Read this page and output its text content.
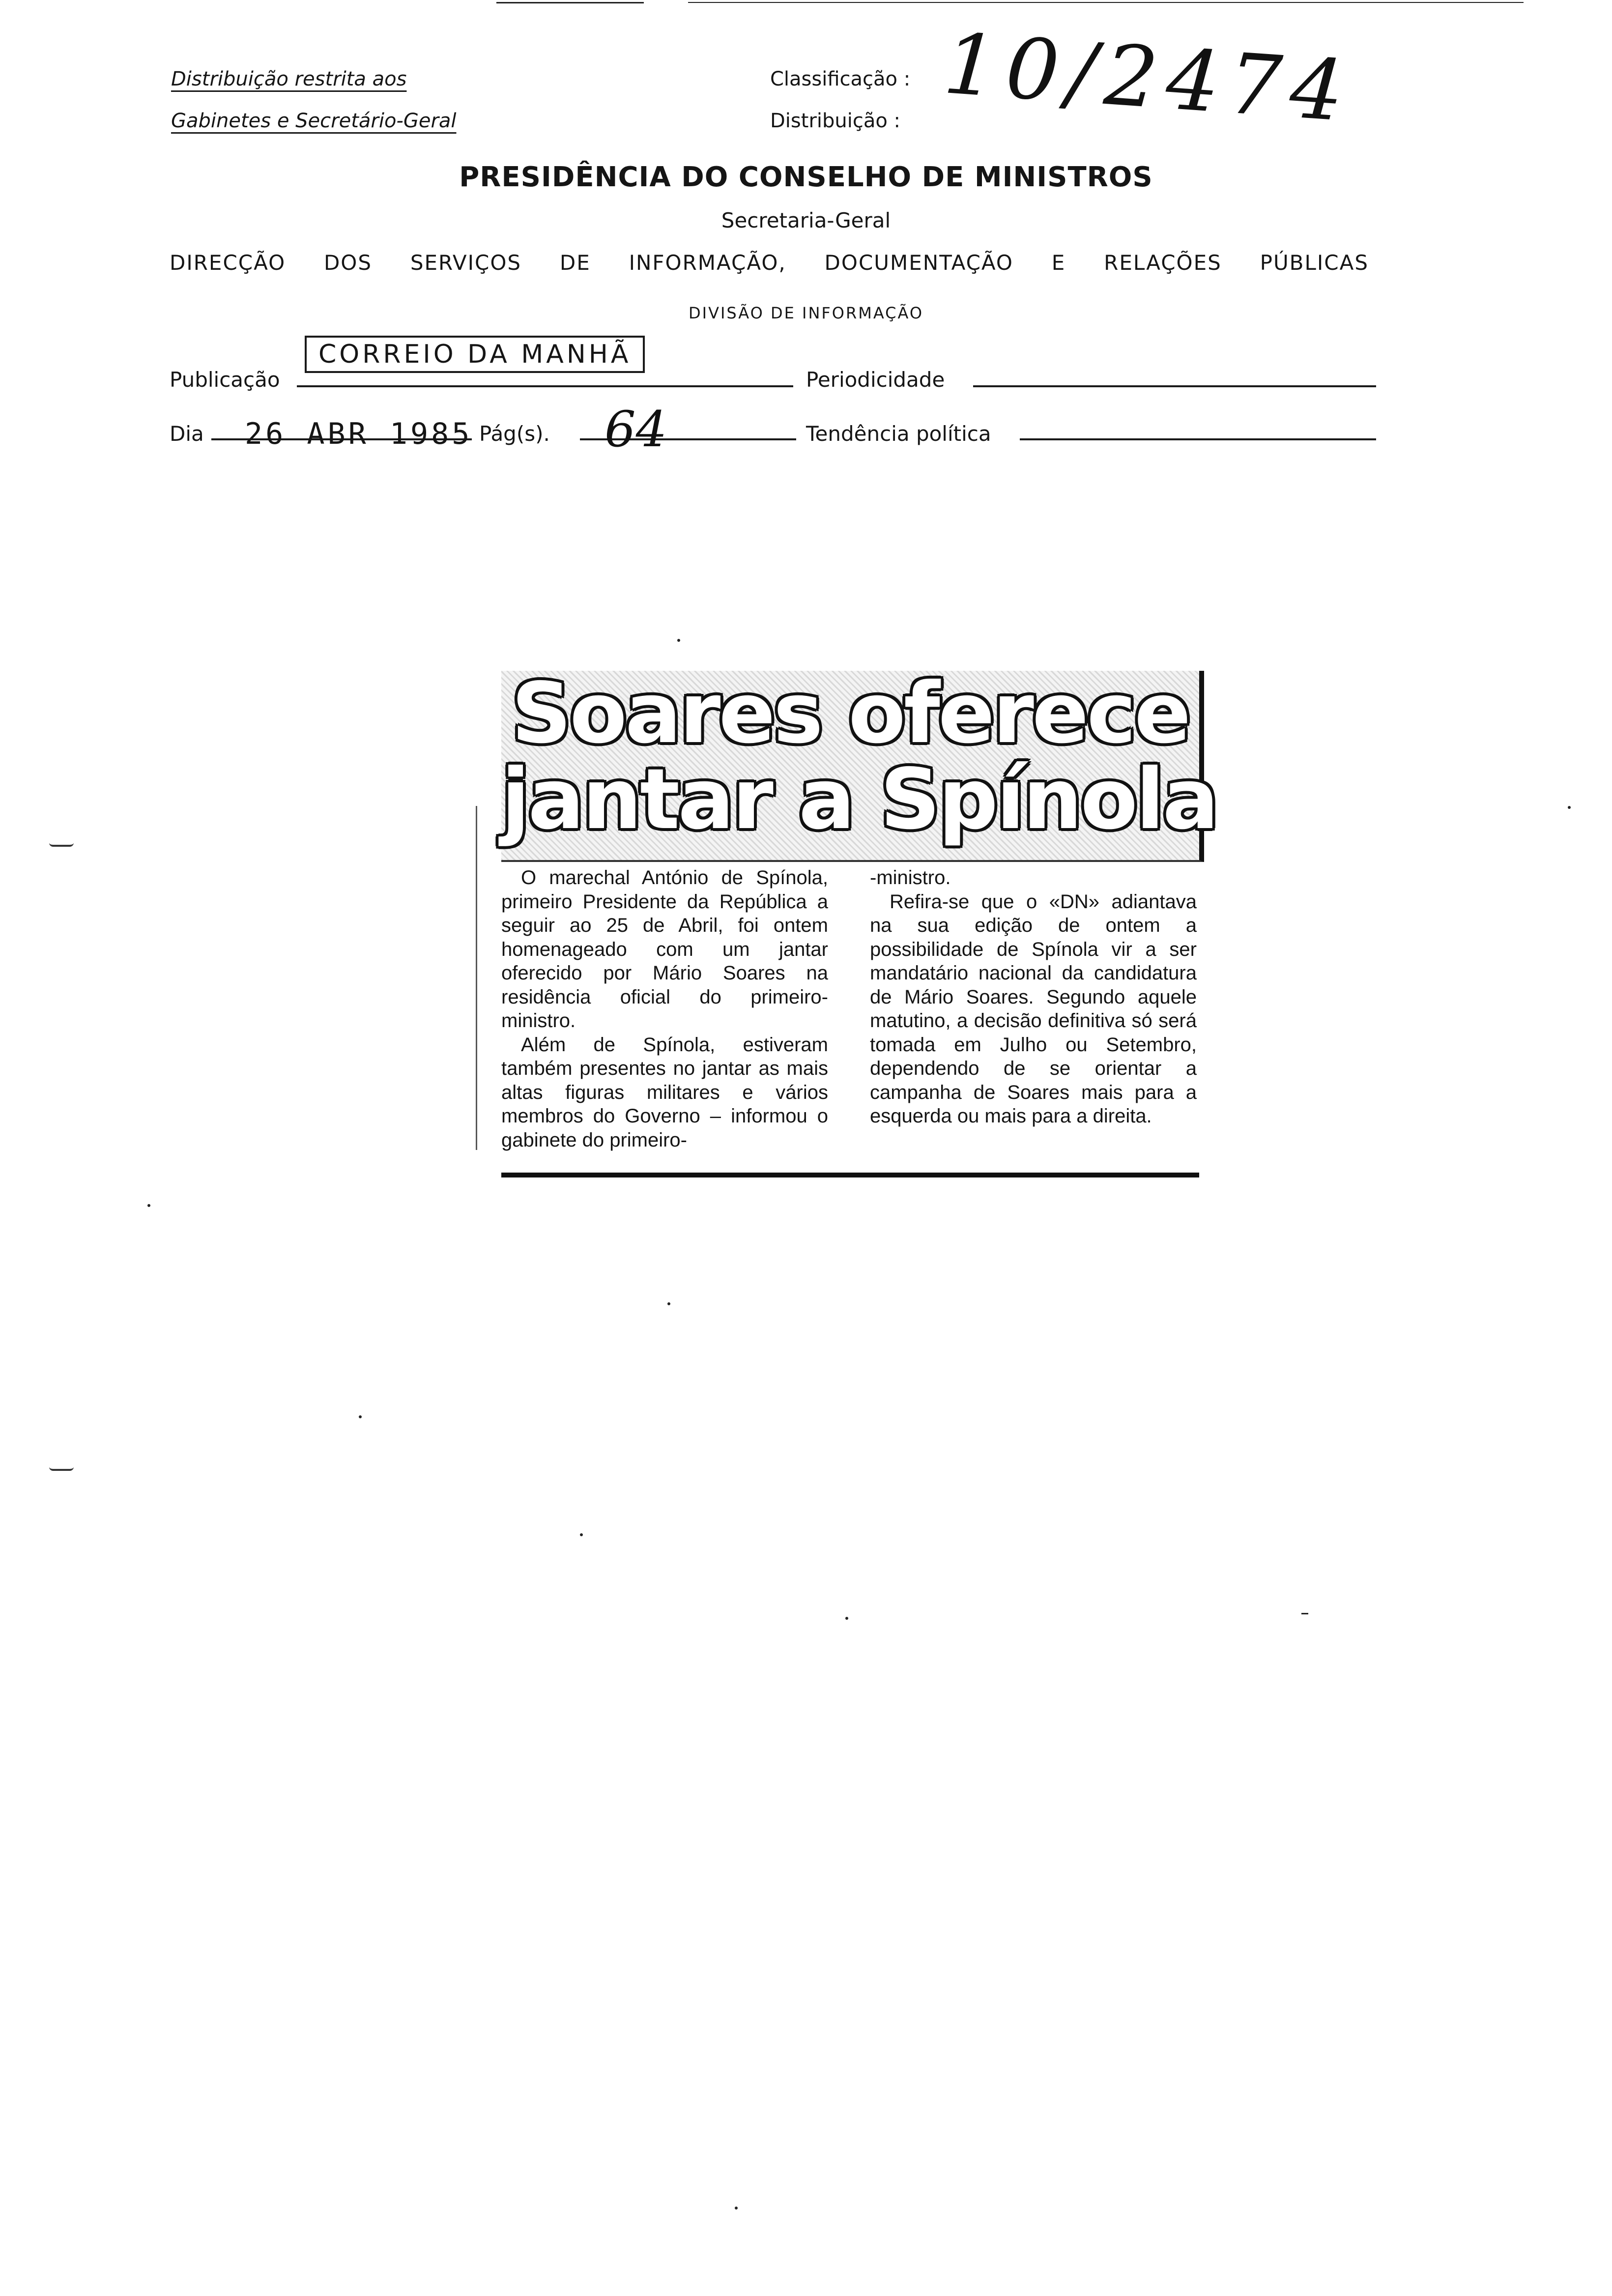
Distribuição restrita aos
Gabinetes e Secretário-Geral
Classificação :
Distribuição : 10/2474
PRESIDÊNCIA DO CONSELHO DE MINISTROS
Secretaria-Geral
DIRECÇÃO DOS SERVIÇOS DE INFORMAÇÃO, DOCUMENTAÇÃO E RELAÇÕES PÚBLICAS
DIVISÃO DE INFORMAÇÃO
Publicação
CORREIO DA MANHÃ
Periodicidade
Dia 26 ABR 1985 Pág(s). 64	Tendência política
Soares oferece
jantar a Spínola

O marechal António de Spínola, primeiro Presidente da República a seguir ao 25 de Abril, foi ontem homenageado com um jantar oferecido por Mário Soares na residência oficial do primeiro-ministro.

Além de Spínola, estiveram também presentes no jantar as mais altas figuras militares e vários membros do Governo – informou o gabinete do primeiro-

-ministro.

Refira-se que o «DN» adiantava na sua edição de ontem a possibilidade de Spínola vir a ser mandatário nacional da candidatura de Mário Soares. Segundo aquele matutino, a decisão definitiva só será tomada em Julho ou Setembro, dependendo de se orientar a campanha de Soares mais para a esquerda ou mais para a direita.
